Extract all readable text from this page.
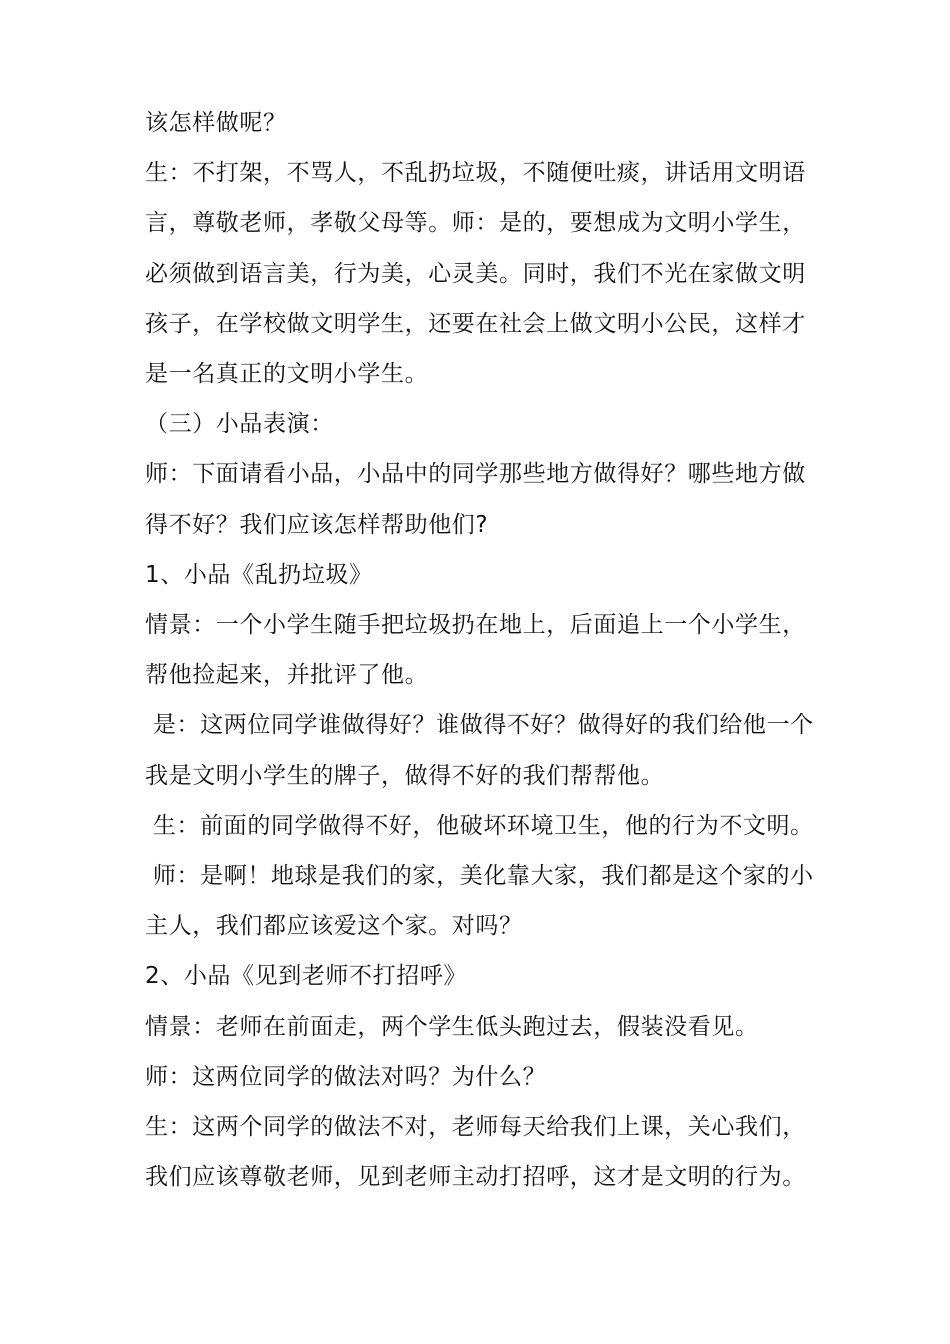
该怎样做呢？

生：不打架，不骂人，不乱扔垃圾，不随便吐痰，讲话用文明语言，尊敬老师，孝敬父母等。师：是的，要想成为文明小学生，必须做到语言美，行为美，心灵美。同时，我们不光在家做文明孩子，在学校做文明学生，还要在社会上做文明小公民，这样才是一名真正的文明小学生。

（三）小品表演：

师：下面请看小品，小品中的同学那些地方做得好？哪些地方做得不好？我们应该怎样帮助他们?

1、小品《乱扔垃圾》

情景：一个小学生随手把垃圾扔在地上，后面追上一个小学生，帮他捡起来，并批评了他。

是：这两位同学谁做得好？谁做得不好？做得好的我们给他一个我是文明小学生的牌子，做得不好的我们帮帮他。

生：前面的同学做得不好，他破坏环境卫生，他的行为不文明。

师：是啊！地球是我们的家，美化靠大家，我们都是这个家的小主人，我们都应该爱这个家。对吗？

2、小品《见到老师不打招呼》

情景：老师在前面走，两个学生低头跑过去，假装没看见。

师：这两位同学的做法对吗？为什么？

生：这两个同学的做法不对，老师每天给我们上课，关心我们，我们应该尊敬老师，见到老师主动打招呼，这才是文明的行为。
